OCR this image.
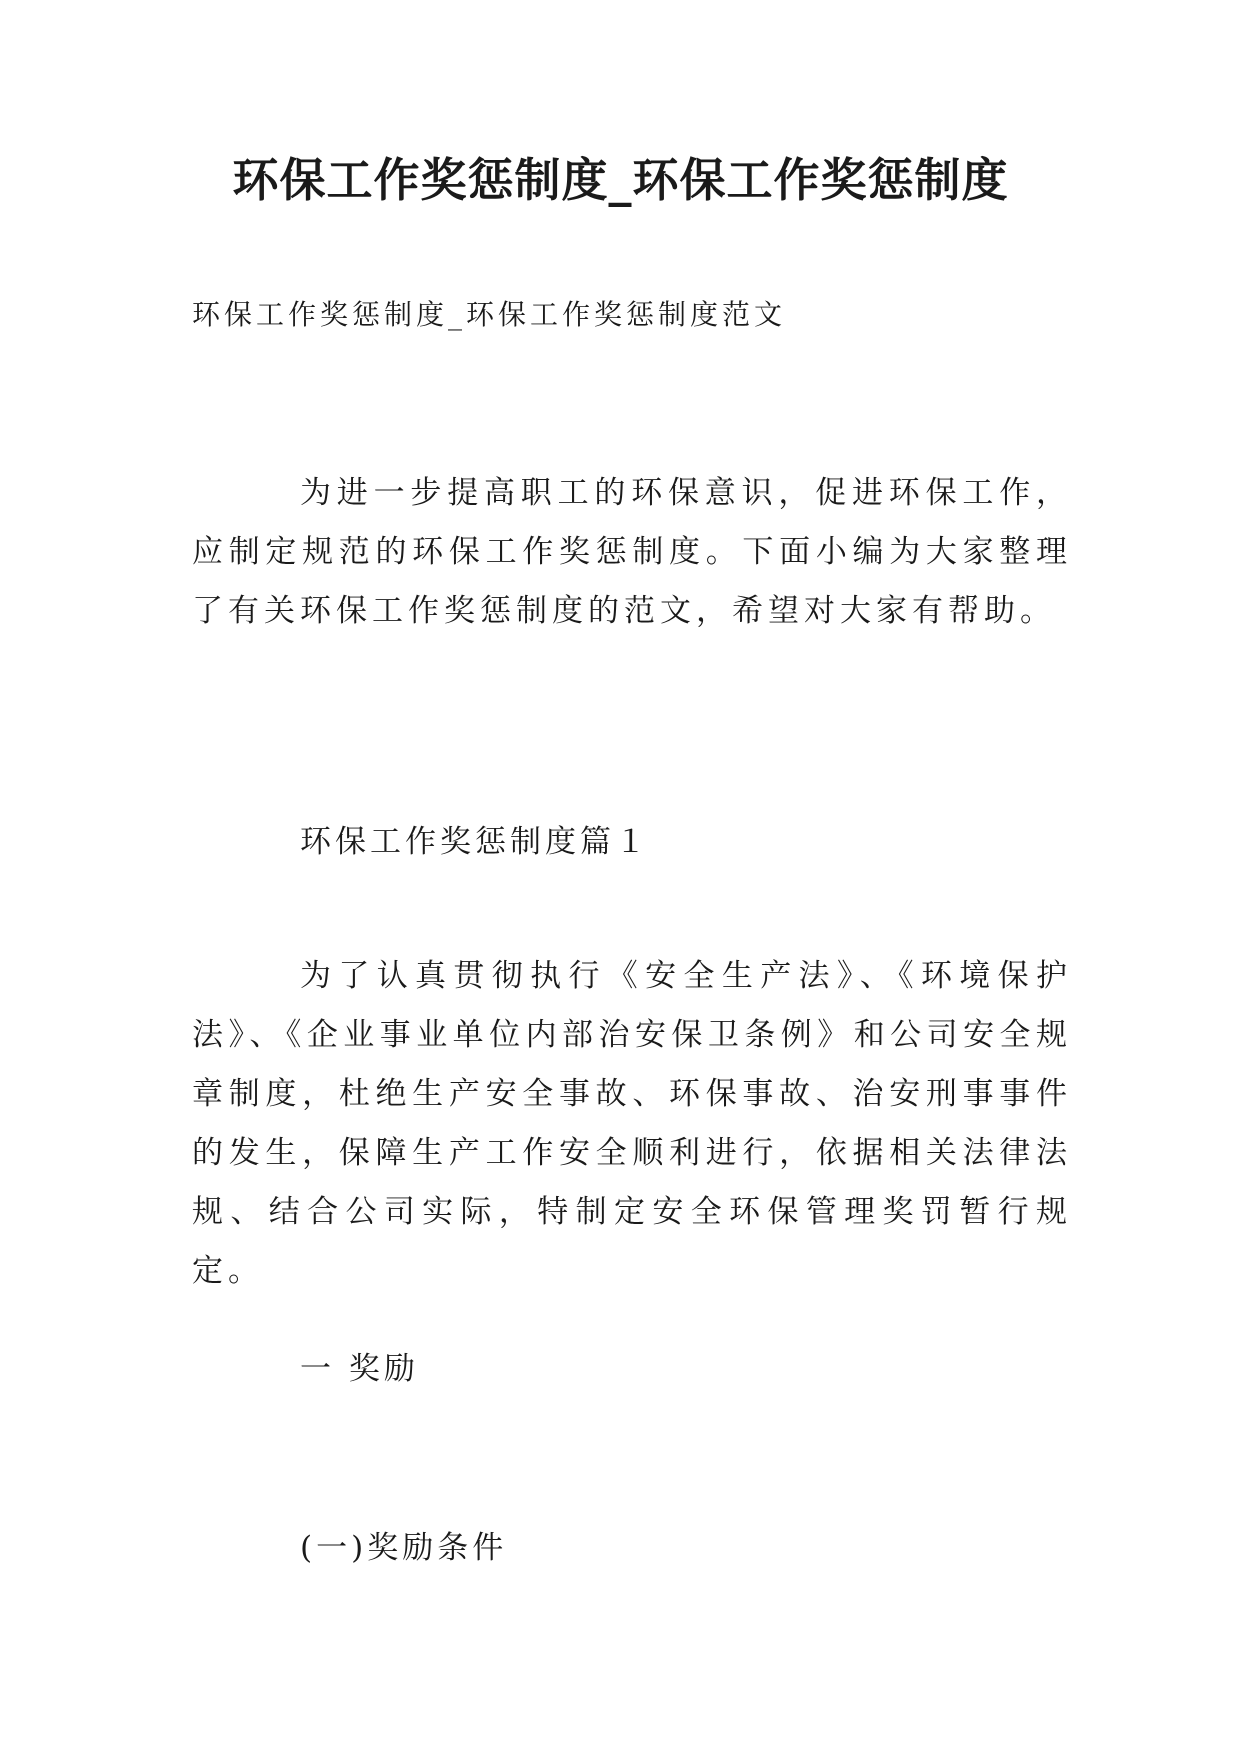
环保工作奖惩制度_环保工作奖惩制度
环保工作奖惩制度_环保工作奖惩制度范文
为进一步提高职工的环保意识，促进环保工作，应制定规范的环保工作奖惩制度。下面小编为大家整理了有关环保工作奖惩制度的范文，希望对大家有帮助。
环保工作奖惩制度篇１
为了认真贯彻执行《安全生产法》、《环境保护法》、《企业事业单位内部治安保卫条例》和公司安全规章制度，杜绝生产安全事故、环保事故、治安刑事事件的发生，保障生产工作安全顺利进行，依据相关法律法规、结合公司实际，特制定安全环保管理奖罚暂行规定。
一 奖励
(一)奖励条件
